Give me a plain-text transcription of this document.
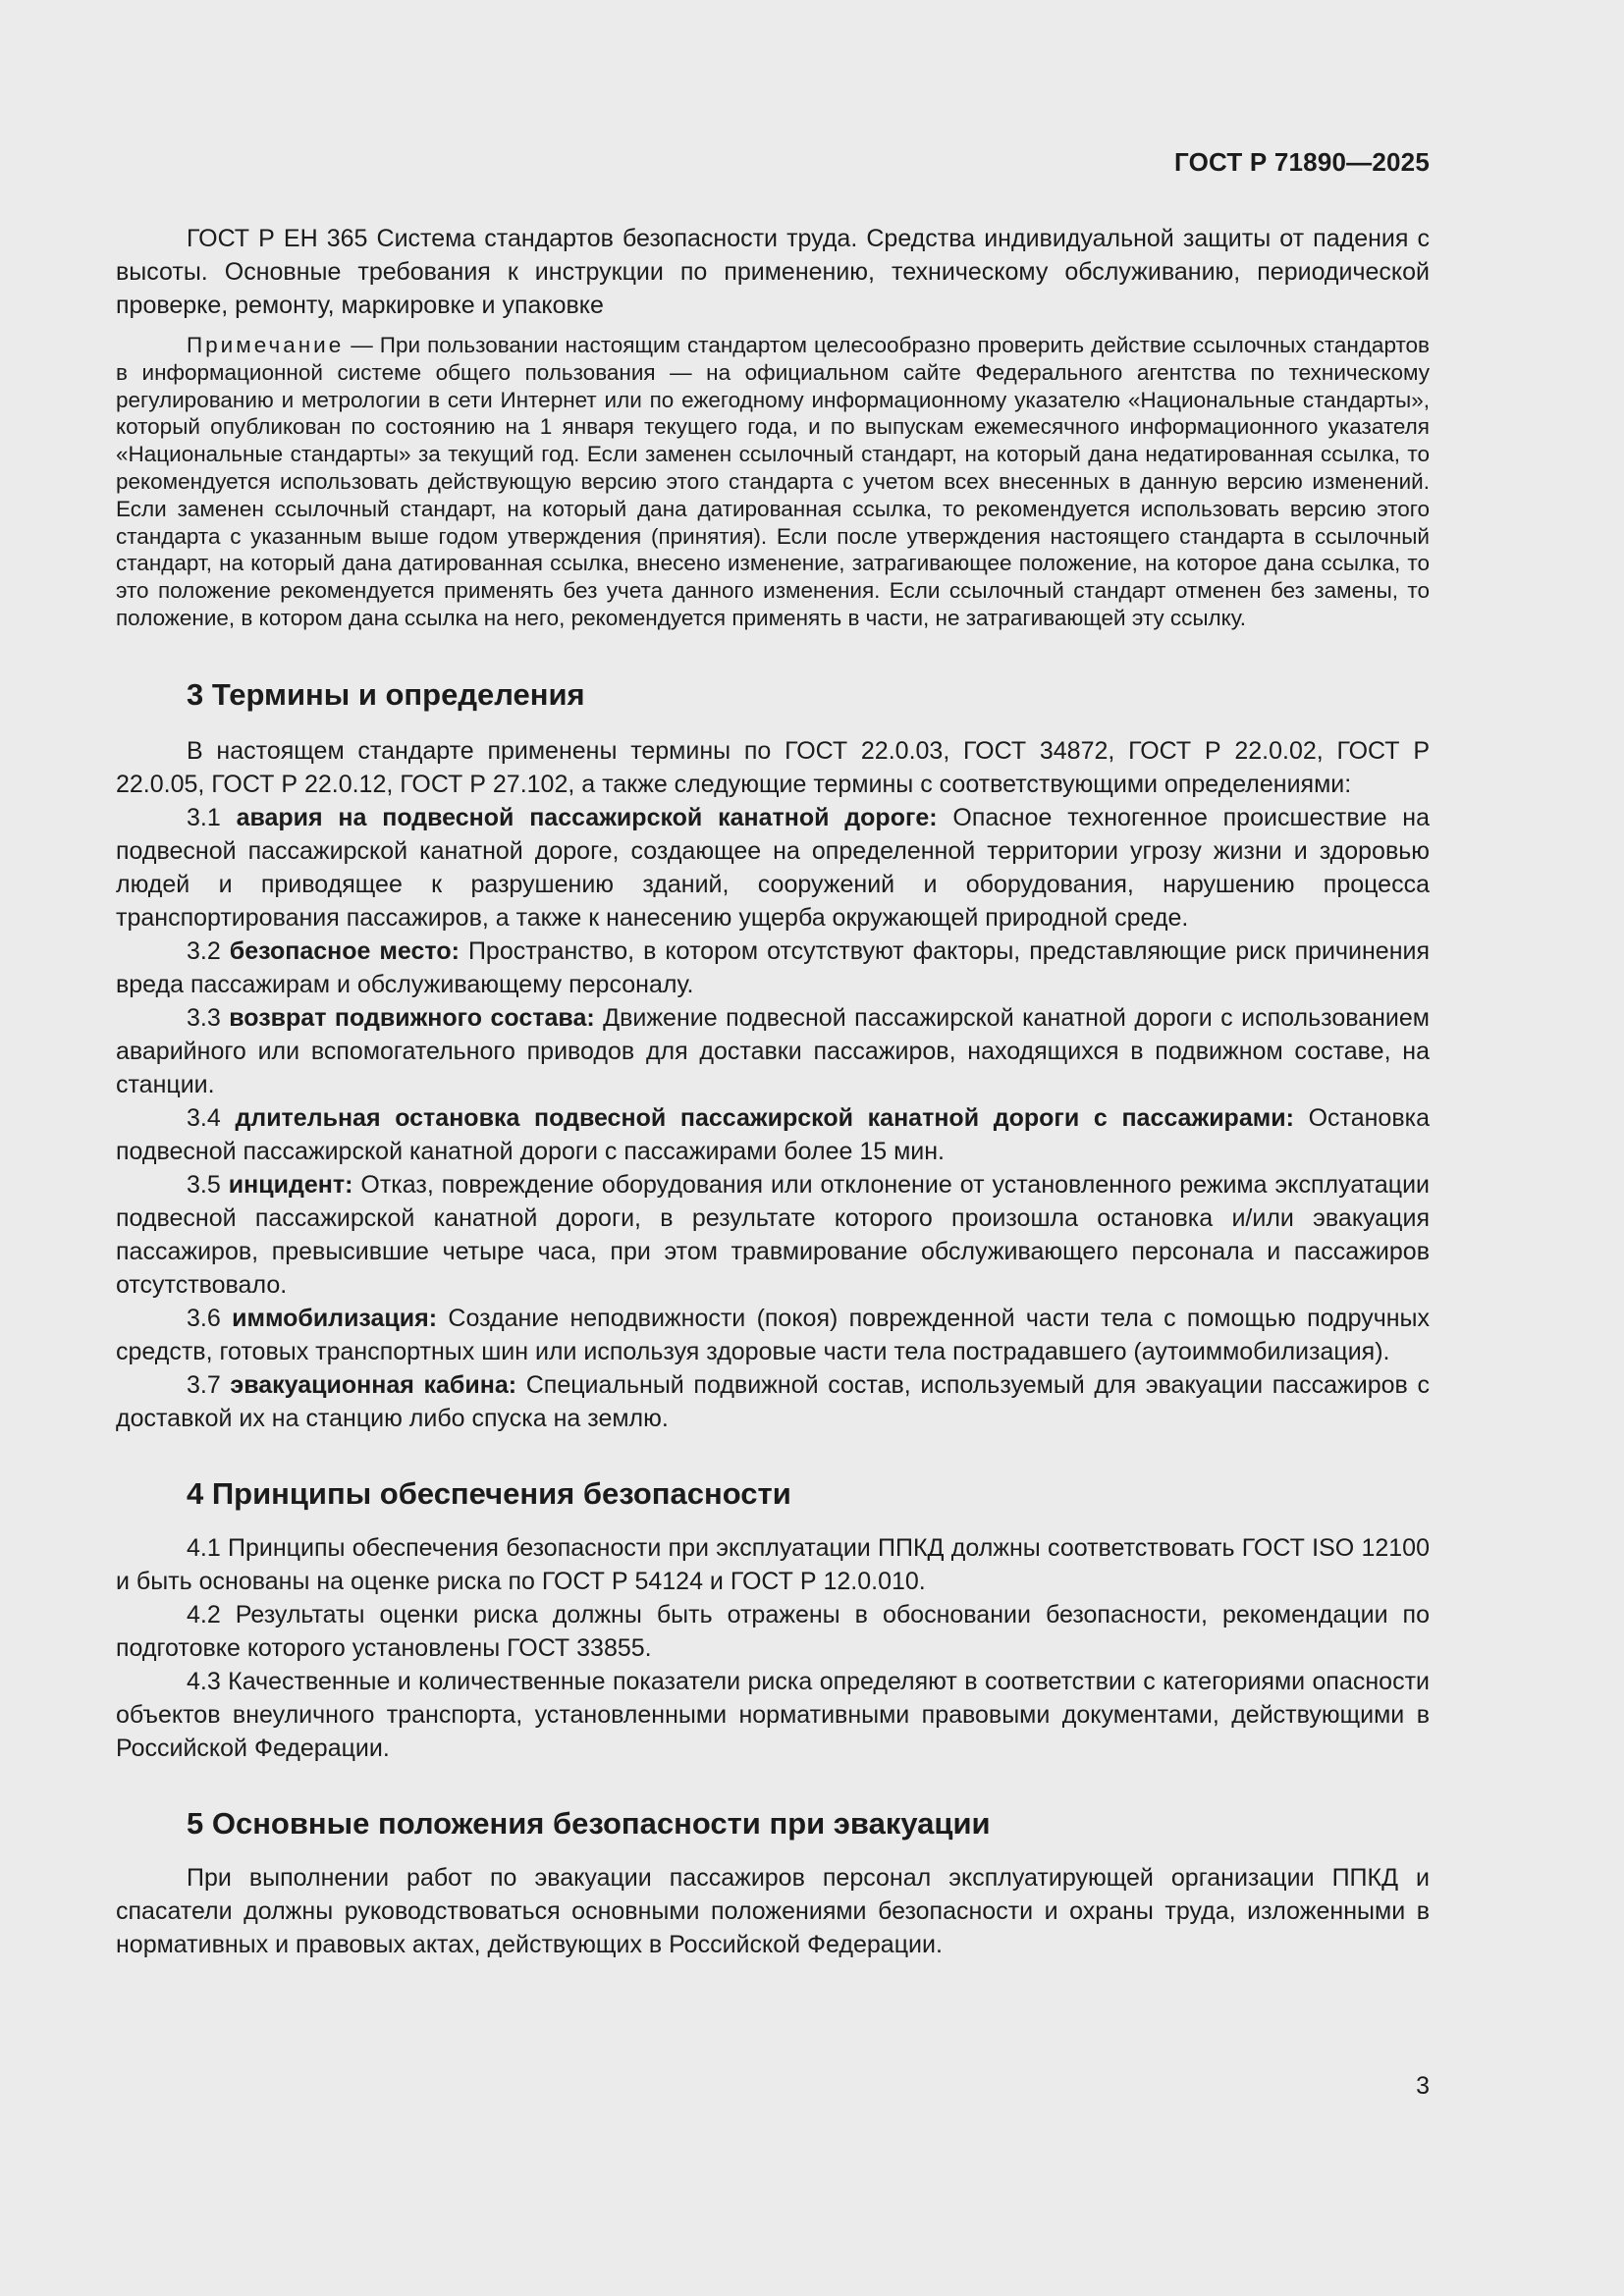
ГОСТ Р 71890—2025

ГОСТ Р ЕН 365 Система стандартов безопасности труда. Средства индивидуальной защиты от падения с высоты. Основные требования к инструкции по применению, техническому обслуживанию, периодической проверке, ремонту, маркировке и упаковке

Примечание — При пользовании настоящим стандартом целесообразно проверить действие ссылочных стандартов в информационной системе общего пользования — на официальном сайте Федерального агентства по техническому регулированию и метрологии в сети Интернет или по ежегодному информационному указателю «Национальные стандарты», который опубликован по состоянию на 1 января текущего года, и по выпускам ежемесячного информационного указателя «Национальные стандарты» за текущий год. Если заменен ссылочный стандарт, на который дана недатированная ссылка, то рекомендуется использовать действующую версию этого стандарта с учетом всех внесенных в данную версию изменений. Если заменен ссылочный стандарт, на который дана датированная ссылка, то рекомендуется использовать версию этого стандарта с указанным выше годом утверждения (принятия). Если после утверждения настоящего стандарта в ссылочный стандарт, на который дана датированная ссылка, внесено изменение, затрагивающее положение, на которое дана ссылка, то это положение рекомендуется применять без учета данного изменения. Если ссылочный стандарт отменен без замены, то положение, в котором дана ссылка на него, рекомендуется применять в части, не затрагивающей эту ссылку.

3 Термины и определения

В настоящем стандарте применены термины по ГОСТ 22.0.03, ГОСТ 34872, ГОСТ Р 22.0.02, ГОСТ Р 22.0.05, ГОСТ Р 22.0.12, ГОСТ Р 27.102, а также следующие термины с соответствующими определениями:

3.1 авария на подвесной пассажирской канатной дороге: Опасное техногенное происшествие на подвесной пассажирской канатной дороге, создающее на определенной территории угрозу жизни и здоровью людей и приводящее к разрушению зданий, сооружений и оборудования, нарушению процесса транспортирования пассажиров, а также к нанесению ущерба окружающей природной среде.

3.2 безопасное место: Пространство, в котором отсутствуют факторы, представляющие риск причинения вреда пассажирам и обслуживающему персоналу.

3.3 возврат подвижного состава: Движение подвесной пассажирской канатной дороги с использованием аварийного или вспомогательного приводов для доставки пассажиров, находящихся в подвижном составе, на станции.

3.4 длительная остановка подвесной пассажирской канатной дороги с пассажирами: Остановка подвесной пассажирской канатной дороги с пассажирами более 15 мин.

3.5 инцидент: Отказ, повреждение оборудования или отклонение от установленного режима эксплуатации подвесной пассажирской канатной дороги, в результате которого произошла остановка и/или эвакуация пассажиров, превысившие четыре часа, при этом травмирование обслуживающего персонала и пассажиров отсутствовало.

3.6 иммобилизация: Создание неподвижности (покоя) поврежденной части тела с помощью подручных средств, готовых транспортных шин или используя здоровые части тела пострадавшего (аутоиммобилизация).

3.7 эвакуационная кабина: Специальный подвижной состав, используемый для эвакуации пассажиров с доставкой их на станцию либо спуска на землю.

4 Принципы обеспечения безопасности

4.1 Принципы обеспечения безопасности при эксплуатации ППКД должны соответствовать ГОСТ ISO 12100 и быть основаны на оценке риска по ГОСТ Р 54124 и ГОСТ Р 12.0.010.

4.2 Результаты оценки риска должны быть отражены в обосновании безопасности, рекомендации по подготовке которого установлены ГОСТ 33855.

4.3 Качественные и количественные показатели риска определяют в соответствии с категориями опасности объектов внеуличного транспорта, установленными нормативными правовыми документами, действующими в Российской Федерации.

5 Основные положения безопасности при эвакуации

При выполнении работ по эвакуации пассажиров персонал эксплуатирующей организации ППКД и спасатели должны руководствоваться основными положениями безопасности и охраны труда, изложенными в нормативных и правовых актах, действующих в Российской Федерации.

3
